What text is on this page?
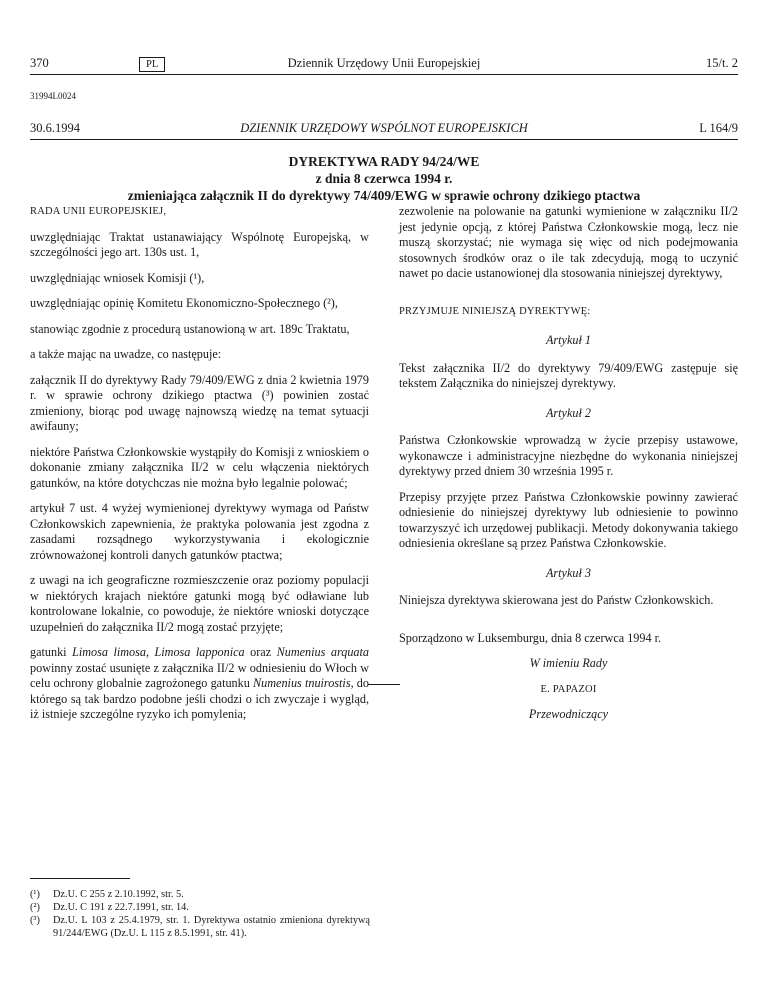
370	PL	Dziennik Urzędowy Unii Europejskiej	15/t. 2
31994L0024
30.6.1994	DZIENNIK URZĘDOWY WSPÓLNOT EUROPEJSKICH	L 164/9
DYREKTYWA RADY 94/24/WE
z dnia 8 czerwca 1994 r.
zmieniająca załącznik II do dyrektywy 74/409/EWG w sprawie ochrony dzikiego ptactwa

RADA UNII EUROPEJSKIEJ,

uwzględniając Traktat ustanawiający Wspólnotę Europejską, w szczególności jego art. 130s ust. 1,

uwzględniając wniosek Komisji (¹),

uwzględniając opinię Komitetu Ekonomiczno-Społecznego (²),

stanowiąc zgodnie z procedurą ustanowioną w art. 189c Traktatu,

a także mając na uwadze, co następuje:

załącznik II do dyrektywy Rady 79/409/EWG z dnia 2 kwietnia 1979 r. w sprawie ochrony dzikiego ptactwa (³) powinien zostać zmieniony, biorąc pod uwagę najnowszą wiedzę na temat sytuacji awifauny;

niektóre Państwa Członkowskie wystąpiły do Komisji z wnioskiem o dokonanie zmiany załącznika II/2 w celu włączenia niektórych gatunków, na które dotychczas nie można było legalnie polować;

artykuł 7 ust. 4 wyżej wymienionej dyrektywy wymaga od Państw Członkowskich zapewnienia, że praktyka polowania jest zgodna z zasadami rozsądnego wykorzystywania i ekologicznie zrównoważonej kontroli danych gatunków ptactwa;

z uwagi na ich geograficzne rozmieszczenie oraz poziomy populacji w niektórych krajach niektóre gatunki mogą być odławiane lub kontrolowane lokalnie, co powoduje, że niektóre wnioski dotyczące uzupełnień do załącznika II/2 mogą zostać przyjęte;

gatunki Limosa limosa, Limosa lapponica oraz Numenius arquata powinny zostać usunięte z załącznika II/2 w odniesieniu do Włoch w celu ochrony globalnie zagrożonego gatunku Numenius tnuirostis, do którego są tak bardzo podobne jeśli chodzi o ich zwyczaje i wygląd, iż istnieje szczególne ryzyko ich pomylenia;

zezwolenie na polowanie na gatunki wymienione w załączniku II/2 jest jedynie opcją, z której Państwa Członkowskie mogą, lecz nie muszą skorzystać; nie wymaga się więc od nich podejmowania stosownych środków oraz o ile tak zdecydują, mogą to uczynić nawet po dacie ustanowionej dla stosowania niniejszej dyrektywy,

PRZYJMUJE NINIEJSZĄ DYREKTYWĘ:

Artykuł 1

Tekst załącznika II/2 do dyrektywy 79/409/EWG zastępuje się tekstem Załącznika do niniejszej dyrektywy.

Artykuł 2

Państwa Członkowskie wprowadzą w życie przepisy ustawowe, wykonawcze i administracyjne niezbędne do wykonania niniejszej dyrektywy przed dniem 30 września 1995 r.

Przepisy przyjęte przez Państwa Członkowskie powinny zawierać odniesienie do niniejszej dyrektywy lub odniesienie to powinno towarzyszyć ich urzędowej publikacji. Metody dokonywania takiego odniesienia określane są przez Państwa Członkowskie.

Artykuł 3

Niniejsza dyrektywa skierowana jest do Państw Członkowskich.

Sporządzono w Luksemburgu, dnia 8 czerwca 1994 r.

W imieniu Rady

E. PAPAZOI

Przewodniczący

(¹)	Dz.U. C 255 z 2.10.1992, str. 5.
(²)	Dz.U. C 191 z 22.7.1991, str. 14.
(³)	Dz.U. L 103 z 25.4.1979, str. 1. Dyrektywa ostatnio zmieniona dyrektywą 91/244/EWG (Dz.U. L 115 z 8.5.1991, str. 41).
